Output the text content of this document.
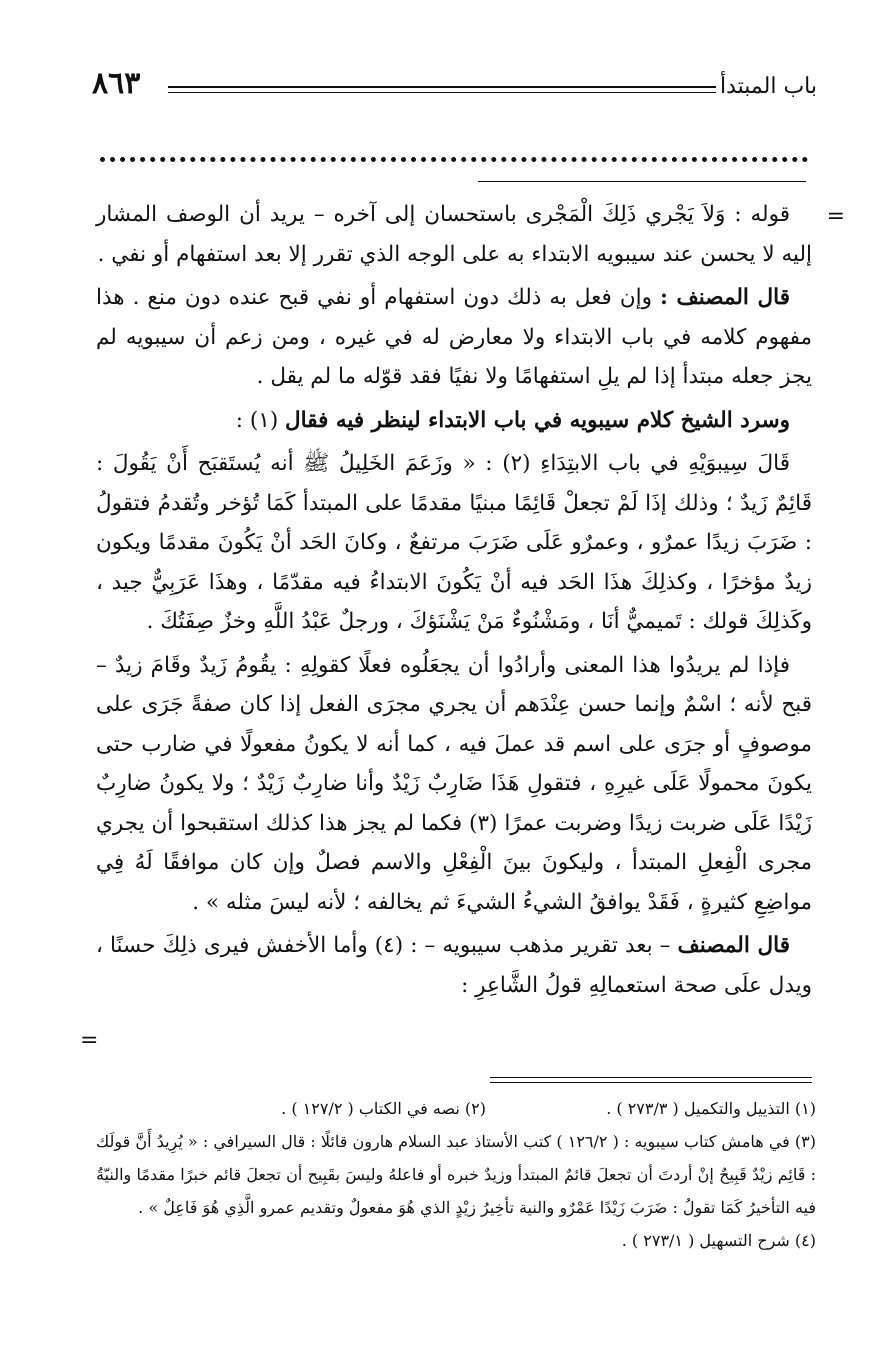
باب المبتدأ
٨٦٣
=
=

قوله : وَلاَ يَجْري ذَلِكَ الْمَجْرى باستحسان إلى آخره – يريد أن الوصف المشار إليه لا يحسن عند سيبويه الابتداء به على الوجه الذي تقرر إلا بعد استفهام أو نفي .

قال المصنف : وإن فعل به ذلك دون استفهام أو نفي قبح عنده دون منع . هذا مفهوم كلامه في باب الابتداء ولا معارض له في غيره ، ومن زعم أن سيبويه لم يجز جعله مبتدأ إذا لم يلِ استفهامًا ولا نفيًا فقد قوّله ما لم يقل .

وسرد الشيخ كلام سيبويه في باب الابتداء لينظر فيه فقال (١) :

قَالَ سِيبوَيْهِ في باب الابتِدَاءِ (٢) : « وزَعَمَ الخَلِيلُ ﷺ أنه يُستَقبَح أَنْ يَقُولَ : قَائِمٌ زَيدٌ ؛ وذلك إذَا لَمْ تجعلْ قَائِمًا مبنيًا مقدمًا على المبتدأ كَمَا تُؤخر وتُقدمُ فتقولُ : ضَرَبَ زيدًا عمرٌو ، وعمرٌو عَلَى ضَرَبَ مرتفعٌ ، وكانَ الحَد أنْ يَكُونَ مقدمًا ويكون زيدٌ مؤخرًا ، وكذلِكَ هذَا الحَد فيه أنْ يَكُونَ الابتداءُ فيه مقدّمًا ، وهذَا عَرَبِيٌّ جيد ، وكَذلِكَ قولك : تَميميٌّ أنَا ، ومَشْنُوءٌ مَنْ يَشْنَؤكَ ، ورجلٌ عَبْدُ اللَّهِ وخزٌ صِفَتُكَ .

فإذا لم يريدُوا هذا المعنى وأرادُوا أن يجعَلُوه فعلًا كقولِهِ : يقُومُ زَيدٌ وقَامَ زيدٌ – قبح لأنه ؛ اسْمٌ وإنما حسن عِنْدَهم أن يجري مجرَى الفعل إذا كان صفةً جَرَى على موصوفٍ أو جرَى على اسم قد عملَ فيه ، كما أنه لا يكونُ مفعولًا في ضارب حتى يكونَ محمولًا عَلَى غيرِهِ ، فتقولِ هَذَا ضَارِبٌ زَيْدٌ وأنا ضارِبٌ زَيْدٌ ؛ ولا يكونُ ضارِبٌ زَيْدًا عَلَى ضربت زيدًا وضربت عمرًا (٣) فكما لم يجز هذا كذلك استقبحوا أن يجري مجرى الْفِعلِ المبتدأ ، وليكونَ بينَ الْفِعْلِ والاسم فصلٌ وإن كان موافقًا لَهُ فِي مواضِعِ كثيرةٍ ، فَقَدْ يوافقُ الشيءُ الشيءَ ثم يخالفه ؛ لأنه ليسَ مثله » .

قال المصنف – بعد تقرير مذهب سيبويه – : (٤) وأما الأخفش فيرى ذلِكَ حسنًا ، ويدل علَى صحة استعمالِهِ قولُ الشَّاعِرِ :

(١) التذييل والتكميل ( ٢٧٣/٣ ) .
(٢) نصه في الكتاب ( ١٢٧/٢ ) .

(٣) في هامش كتاب سيبويه : ( ١٢٦/٢ ) كتب الأستاذ عبد السلام هارون قائلًا : قال السيرافي : « يُرِيدُ أَنَّ قولَك : قَائِم زيْدٌ قَبِيحٌ إنْ أردتَ أن تجعلَ قائمٌ المبتدأ وزيدٌ خبره أو فاعلهُ وليسَ بقَبِيح أن تجعلَ قائم خبرًا مقدمًا والنيّةُ فيه التأخيرُ كَمَا تقولُ : ضَرَبَ زَيْدًا عَمْرٌو والنية تأخِيرُ زيْدٍ الذي هُوَ مفعولٌ وتقديم عمرو الَّذِي هُوَ فَاعِلٌ » .

(٤) شرح التسهيل ( ٢٧٣/١ ) .
